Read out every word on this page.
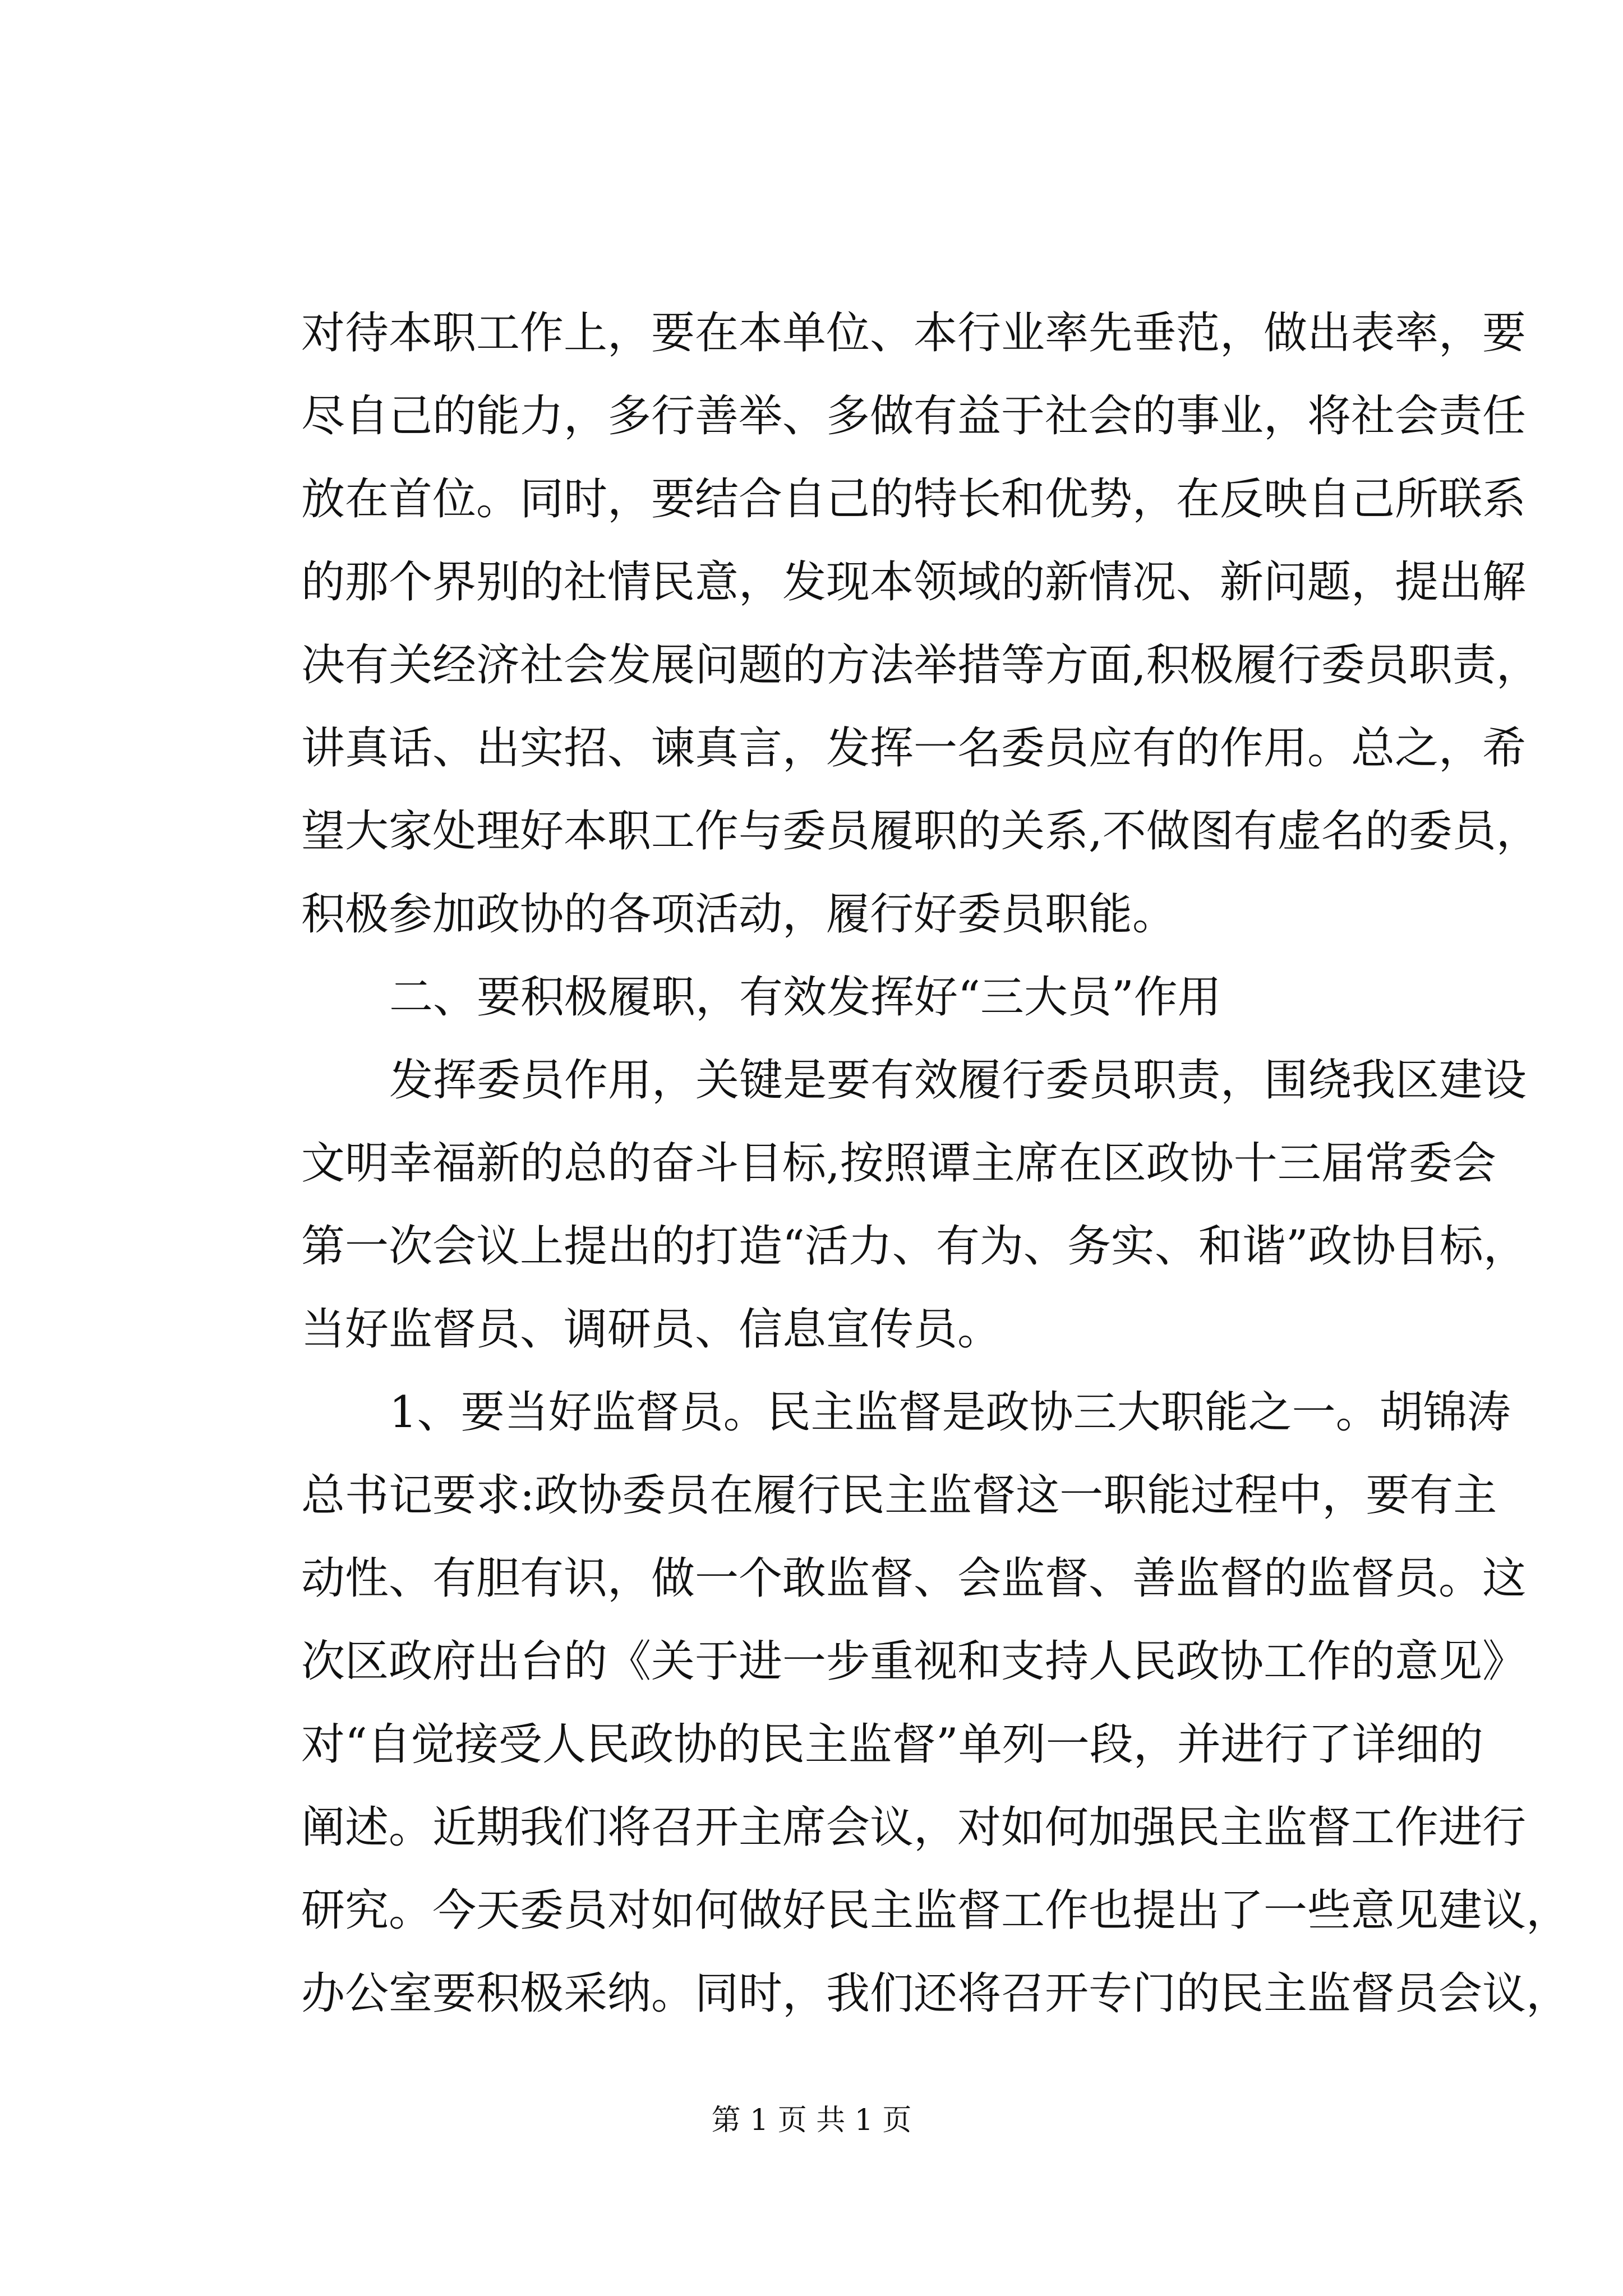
对待本职工作上，要在本单位、本行业率先垂范，做出表率，要
尽自己的能力，多行善举、多做有益于社会的事业，将社会责任
放在首位。同时，要结合自己的特长和优势，在反映自己所联系
的那个界别的社情民意，发现本领域的新情况、新问题，提出解
决有关经济社会发展问题的方法举措等方面,积极履行委员职责，
讲真话、出实招、谏真言，发挥一名委员应有的作用。总之，希
望大家处理好本职工作与委员履职的关系,不做图有虚名的委员，
积极参加政协的各项活动，履行好委员职能。
二、要积极履职，有效发挥好“三大员”作用
发挥委员作用，关键是要有效履行委员职责，围绕我区建设
文明幸福新的总的奋斗目标,按照谭主席在区政协十三届常委会
第一次会议上提出的打造“活力、有为、务实、和谐”政协目标，
当好监督员、调研员、信息宣传员。
1、要当好监督员。民主监督是政协三大职能之一。胡锦涛
总书记要求:政协委员在履行民主监督这一职能过程中，要有主
动性、有胆有识，做一个敢监督、会监督、善监督的监督员。这
次区政府出台的《关于进一步重视和支持人民政协工作的意见》
对“自觉接受人民政协的民主监督”单列一段，并进行了详细的
阐述。近期我们将召开主席会议，对如何加强民主监督工作进行
研究。今天委员对如何做好民主监督工作也提出了一些意见建议，
办公室要积极采纳。同时，我们还将召开专门的民主监督员会议，
第 1 页 共 1 页
